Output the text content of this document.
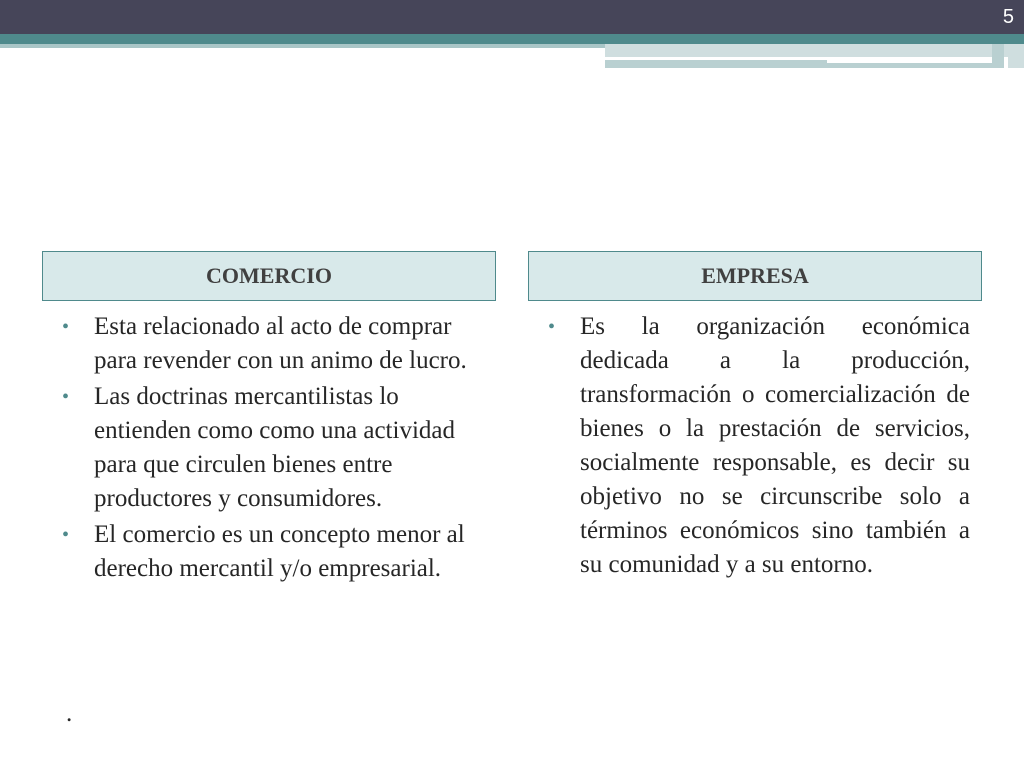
5
COMERCIO	EMPRESA
• Esta relacionado al acto de comprar para revender con un animo de lucro.
• Las doctrinas mercantilistas lo entienden como como una actividad para que circulen bienes entre productores y consumidores.
• El comercio es un concepto menor al derecho mercantil y/o empresarial.
.
• Es la organización económica dedicada a la producción, transformación o comercialización de bienes o la prestación de servicios, socialmente responsable, es decir su objetivo no se circunscribe solo a términos económicos sino también a su comunidad y a su entorno.
